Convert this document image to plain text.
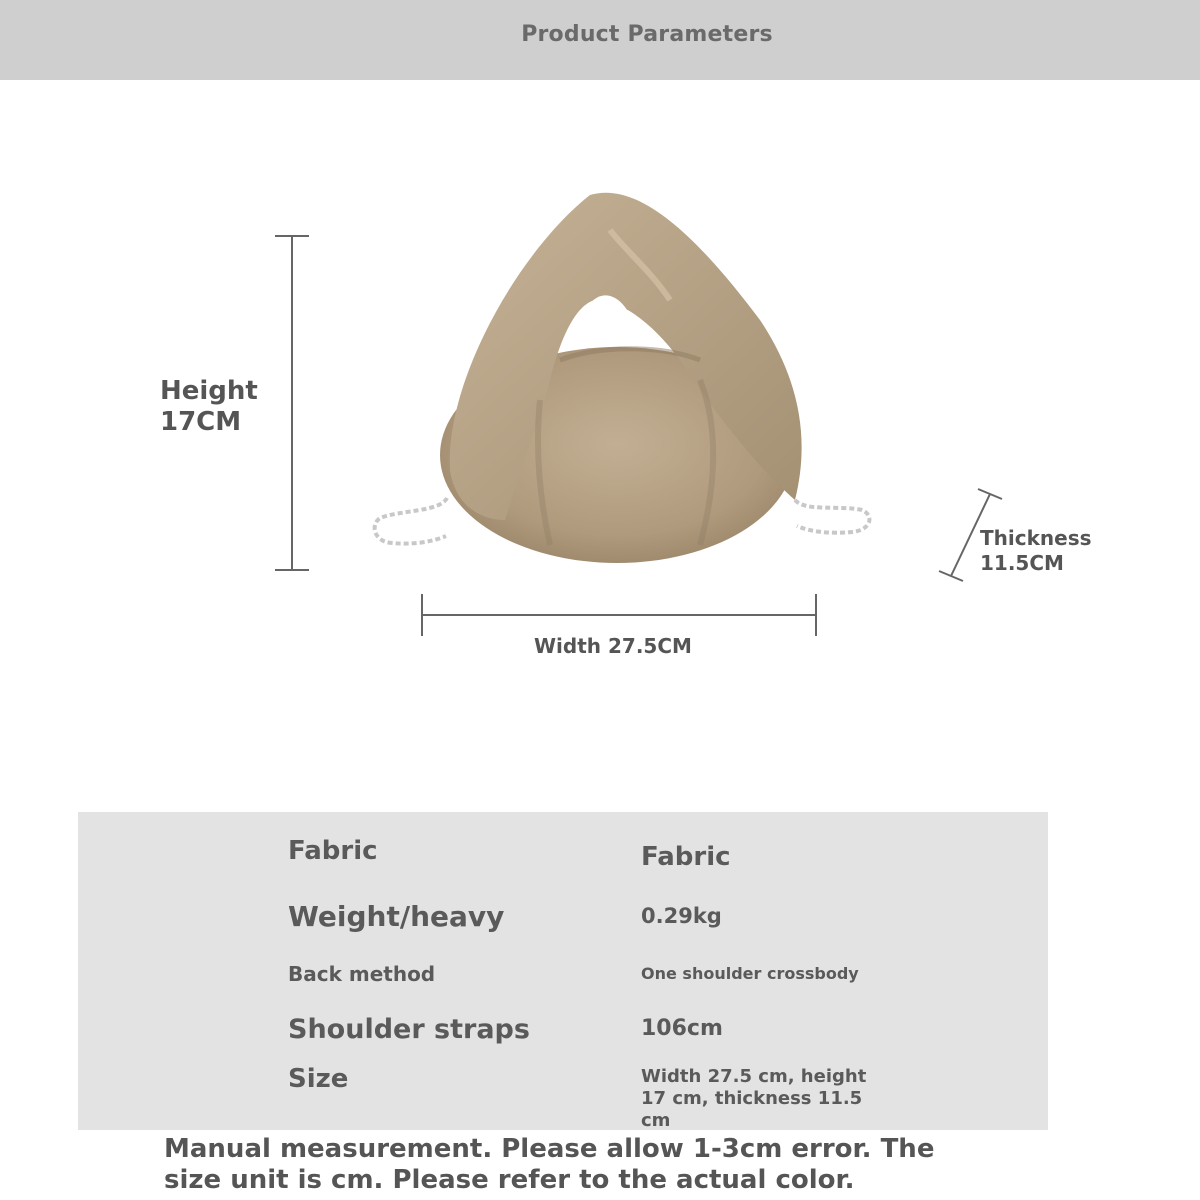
Product Parameters
Height
17CM
Width 27.5CM
Thickness
11.5CM
Fabric	Fabric
Weight/heavy	0.29kg
Back method	One shoulder crossbody
Shoulder straps	106cm
Size	Width 27.5 cm, height 17 cm, thickness 11.5 cm
Manual measurement. Please allow 1-3cm error. The size unit is cm. Please refer to the actual color.
